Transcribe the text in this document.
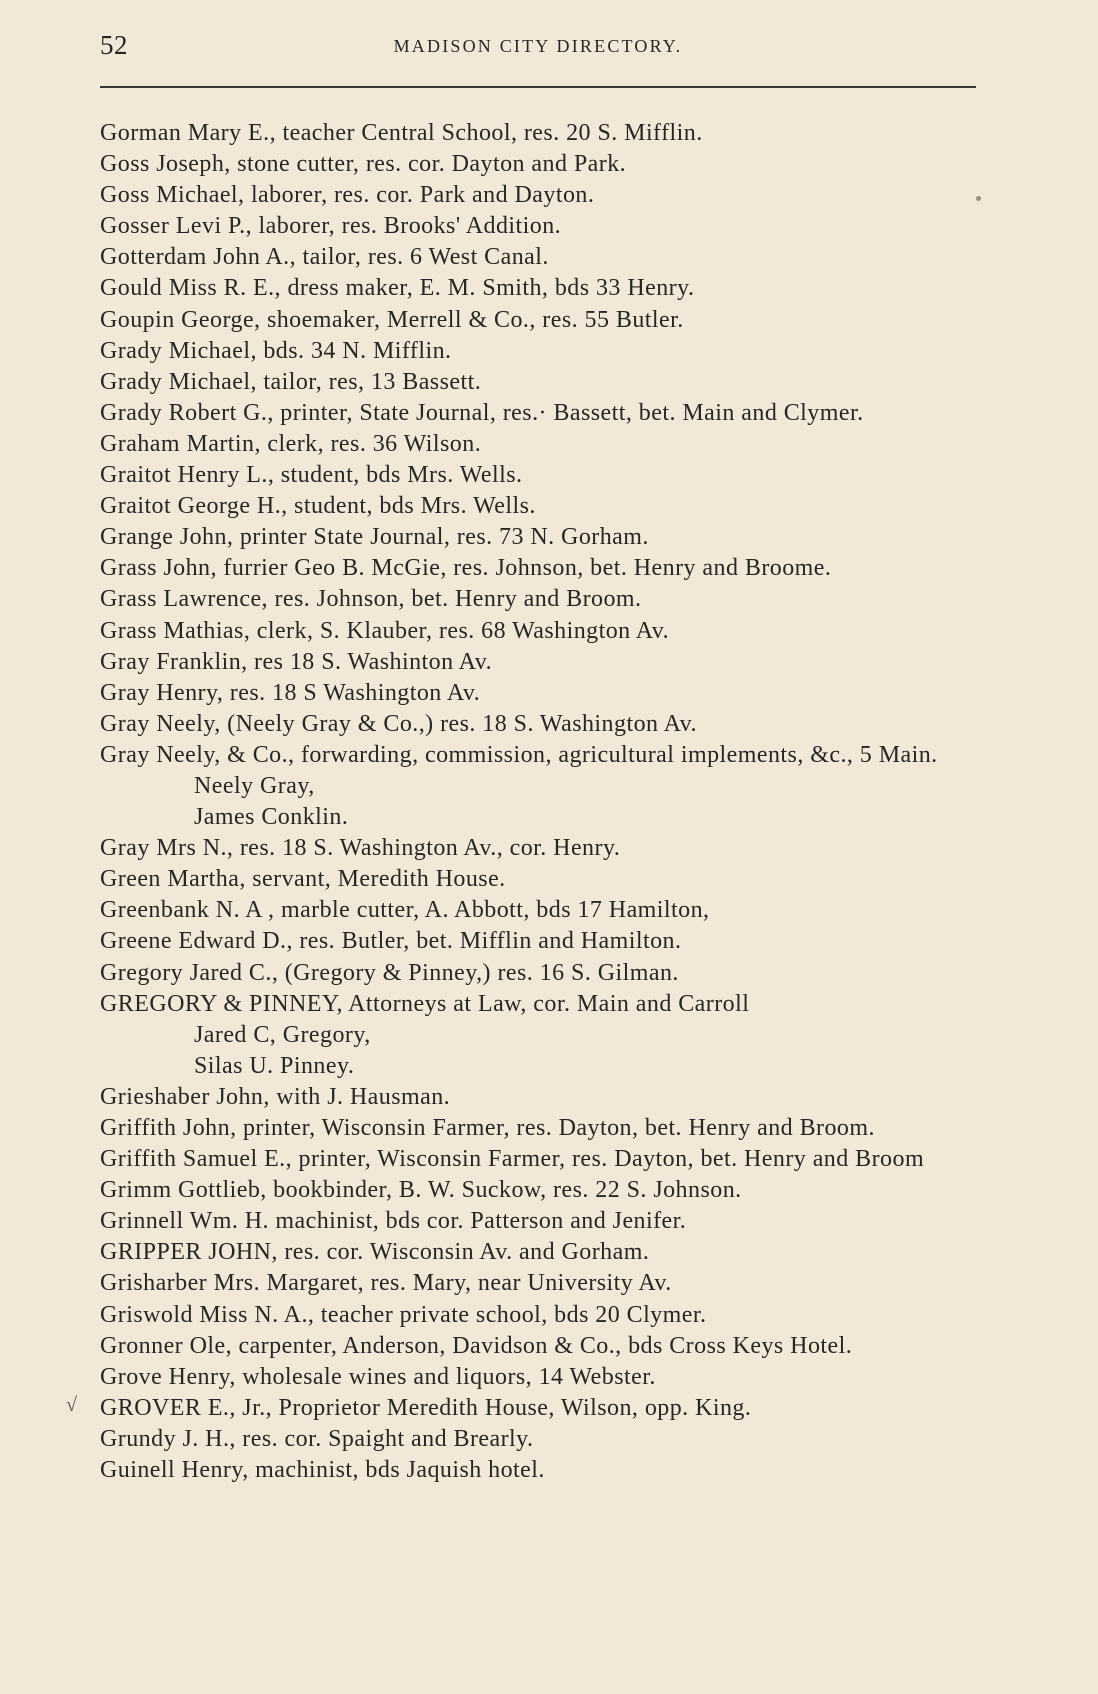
52	MADISON CITY DIRECTORY.
√
Gorman Mary E., teacher Central School, res. 20 S. Mifflin.
Goss Joseph, stone cutter, res. cor. Dayton and Park.
Goss Michael, laborer, res. cor. Park and Dayton.
Gosser Levi P., laborer, res. Brooks' Addition.
Gotterdam John A., tailor, res. 6 West Canal.
Gould Miss R. E., dress maker, E. M. Smith, bds 33 Henry.
Goupin George, shoemaker, Merrell & Co., res. 55 Butler.
Grady Michael, bds. 34 N. Mifflin.
Grady Michael, tailor, res, 13 Bassett.
Grady Robert G., printer, State Journal, res.· Bassett, bet. Main and Clymer.
Graham Martin, clerk, res. 36 Wilson.
Graitot Henry L., student, bds Mrs. Wells.
Graitot George H., student, bds Mrs. Wells.
Grange John, printer State Journal, res. 73 N. Gorham.
Grass John, furrier Geo B. McGie, res. Johnson, bet. Henry and Broome.
Grass Lawrence, res. Johnson, bet. Henry and Broom.
Grass Mathias, clerk, S. Klauber, res. 68 Washington Av.
Gray Franklin, res 18 S. Washinton Av.
Gray Henry, res. 18 S Washington Av.
Gray Neely, (Neely Gray & Co.,) res. 18 S. Washington Av.
Gray Neely, & Co., forwarding, commission, agricultural implements, &c., 5 Main.
Neely Gray,
James Conklin.
Gray Mrs N., res. 18 S. Washington Av., cor. Henry.
Green Martha, servant, Meredith House.
Greenbank N. A , marble cutter, A. Abbott, bds 17 Hamilton,
Greene Edward D., res. Butler, bet. Mifflin and Hamilton.
Gregory Jared C., (Gregory & Pinney,) res. 16 S. Gilman.
GREGORY & PINNEY, Attorneys at Law, cor. Main and Carroll
Jared C, Gregory,
Silas U. Pinney.
Grieshaber John, with J. Hausman.
Griffith John, printer, Wisconsin Farmer, res. Dayton, bet. Henry and Broom.
Griffith Samuel E., printer, Wisconsin Farmer, res. Dayton, bet. Henry and Broom
Grimm Gottlieb, bookbinder, B. W. Suckow, res. 22 S. Johnson.
Grinnell Wm. H. machinist, bds cor. Patterson and Jenifer.
GRIPPER JOHN, res. cor. Wisconsin Av. and Gorham.
Grisharber Mrs. Margaret, res. Mary, near University Av.
Griswold Miss N. A., teacher private school, bds 20 Clymer.
Gronner Ole, carpenter, Anderson, Davidson & Co., bds Cross Keys Hotel.
Grove Henry, wholesale wines and liquors, 14 Webster.
GROVER E., Jr., Proprietor Meredith House, Wilson, opp. King.
Grundy J. H., res. cor. Spaight and Brearly.
Guinell Henry, machinist, bds Jaquish hotel.
